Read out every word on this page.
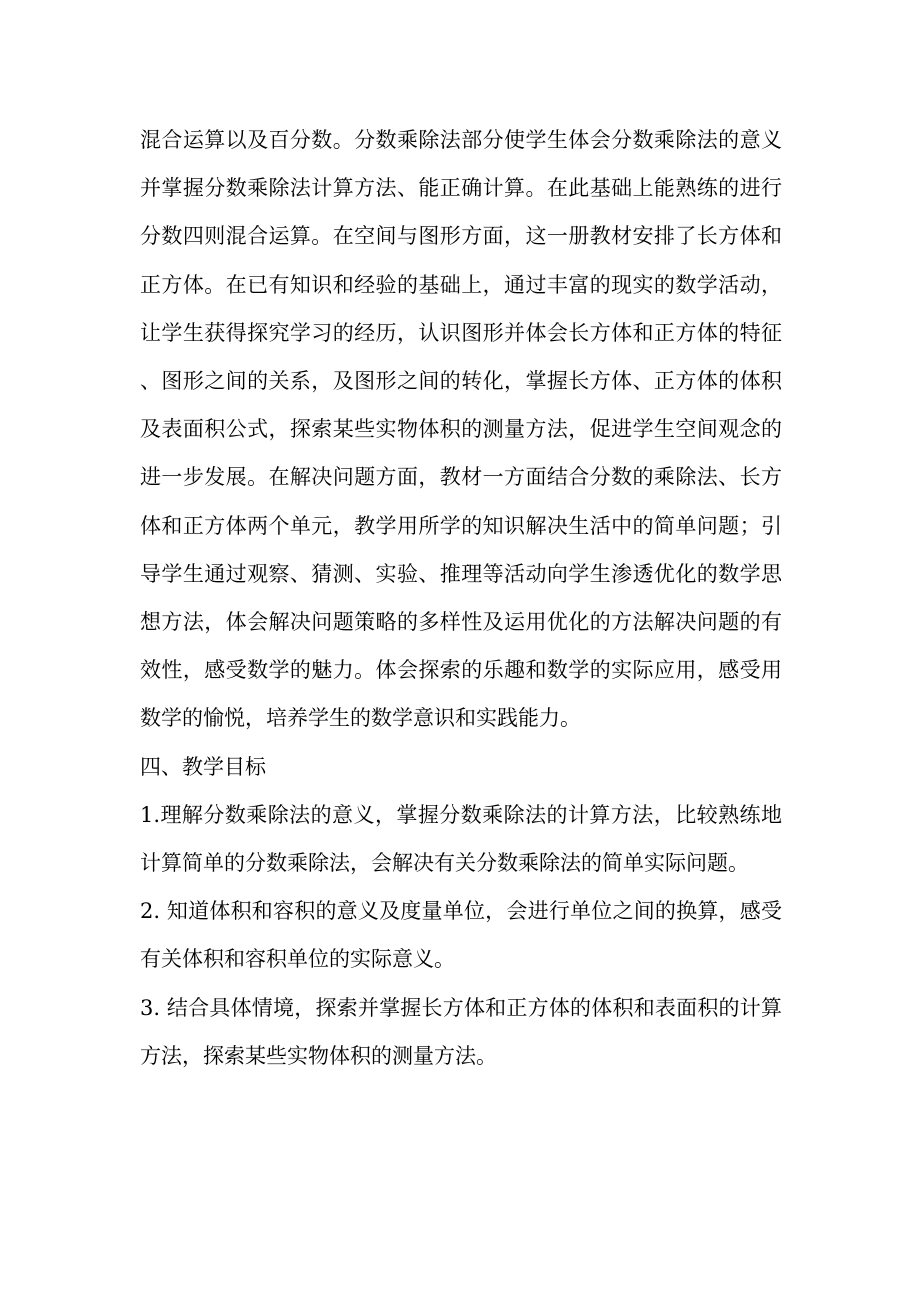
混合运算以及百分数。分数乘除法部分使学生体会分数乘除法的意义并掌握分数乘除法计算方法、能正确计算。在此基础上能熟练的进行分数四则混合运算。在空间与图形方面，这一册教材安排了长方体和正方体。在已有知识和经验的基础上，通过丰富的现实的数学活动，让学生获得探究学习的经历，认识图形并体会长方体和正方体的特征、图形之间的关系，及图形之间的转化，掌握长方体、正方体的体积及表面积公式，探索某些实物体积的测量方法，促进学生空间观念的进一步发展。在解决问题方面，教材一方面结合分数的乘除法、长方体和正方体两个单元，教学用所学的知识解决生活中的简单问题；引导学生通过观察、猜测、实验、推理等活动向学生渗透优化的数学思想方法，体会解决问题策略的多样性及运用优化的方法解决问题的有效性，感受数学的魅力。体会探索的乐趣和数学的实际应用，感受用数学的愉悦，培养学生的数学意识和实践能力。

四、教学目标

1.理解分数乘除法的意义，掌握分数乘除法的计算方法，比较熟练地计算简单的分数乘除法，会解决有关分数乘除法的简单实际问题。

2. 知道体积和容积的意义及度量单位，会进行单位之间的换算，感受有关体积和容积单位的实际意义。

3. 结合具体情境，探索并掌握长方体和正方体的体积和表面积的计算方法，探索某些实物体积的测量方法。
